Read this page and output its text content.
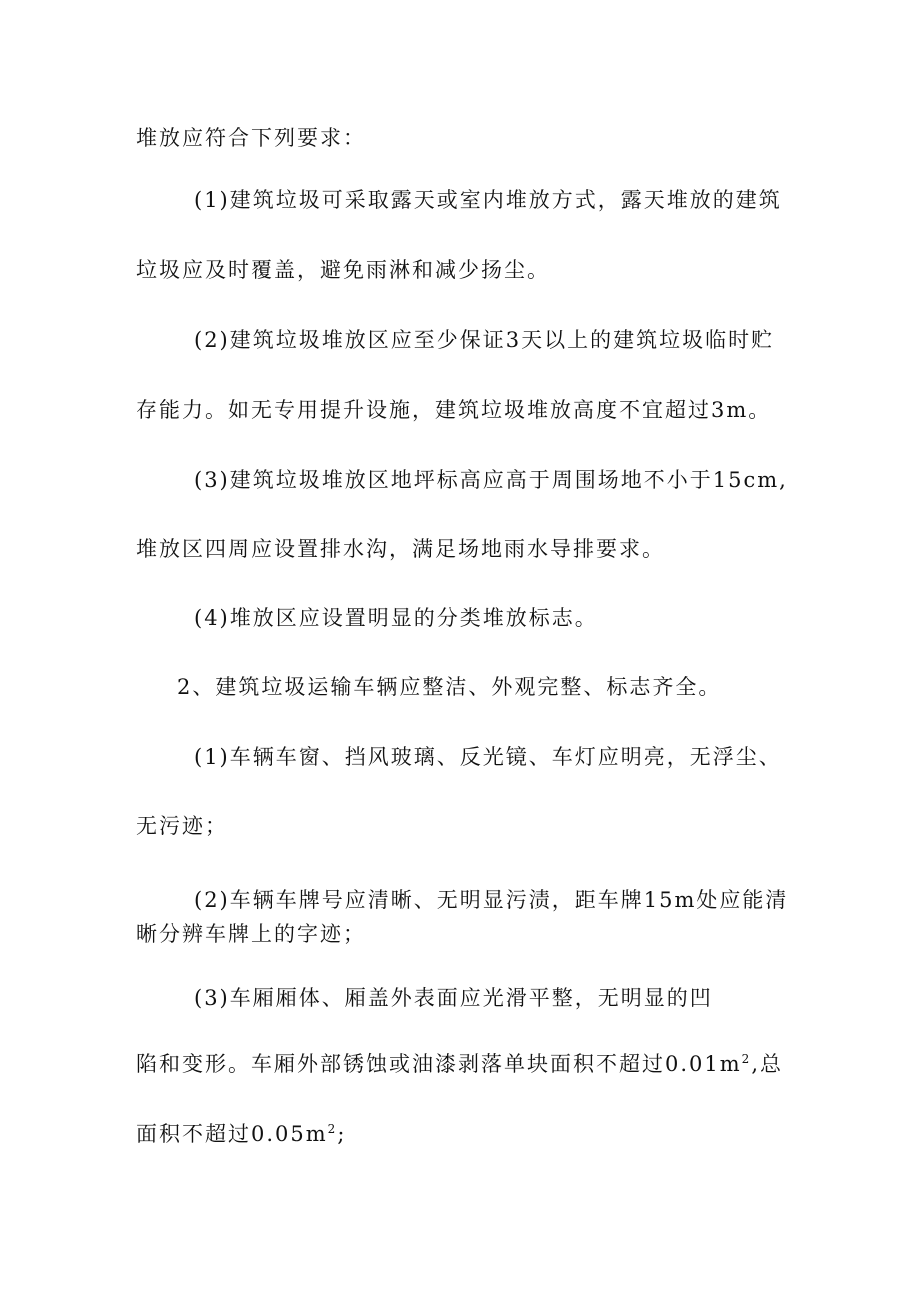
堆放应符合下列要求：
(1)建筑垃圾可采取露天或室内堆放方式，露天堆放的建筑
垃圾应及时覆盖，避免雨淋和减少扬尘。
(2)建筑垃圾堆放区应至少保证3天以上的建筑垃圾临时贮
存能力。如无专用提升设施，建筑垃圾堆放高度不宜超过3m。
(3)建筑垃圾堆放区地坪标高应高于周围场地不小于15cm,
堆放区四周应设置排水沟，满足场地雨水导排要求。
(4)堆放区应设置明显的分类堆放标志。
2、建筑垃圾运输车辆应整洁、外观完整、标志齐全。
(1)车辆车窗、挡风玻璃、反光镜、车灯应明亮，无浮尘、
无污迹；
(2)车辆车牌号应清晰、无明显污渍，距车牌15m处应能清
晰分辨车牌上的字迹；
(3)车厢厢体、厢盖外表面应光滑平整，无明显的凹
陷和变形。车厢外部锈蚀或油漆剥落单块面积不超过$0.01m^2$,总
面积不超过$0.05m^2$;
